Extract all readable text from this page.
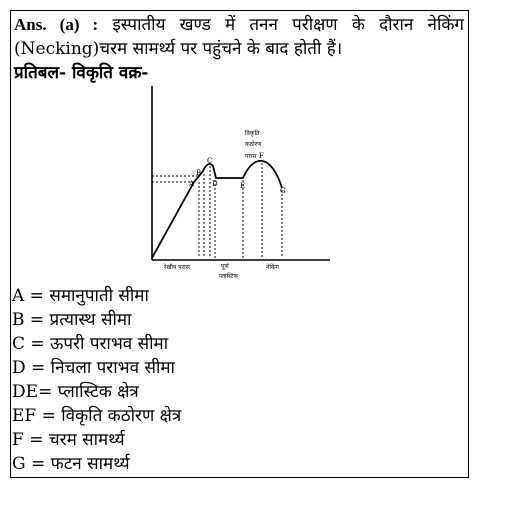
Ans. (a) : इस्पातीय खण्ड में तनन परीक्षण के दौरान नेकिंग (Necking)चरम सामर्थ्य पर पहुंचने के बाद होती हैं।
प्रतिबल- विकृति वक्र-
A
B
C
D	E
F
G
विकृति
कठोरण
परास
रेखीय परास	पूर्ण
प्लास्टिक
नेकिंग
A = समानुपाती सीमा
B = प्रत्यास्थ सीमा
C = ऊपरी पराभव सीमा
D = निचला पराभव सीमा
DE= प्लास्टिक क्षेत्र
EF = विकृति कठोरण क्षेत्र
F = चरम सामर्थ्य
G = फटन सामर्थ्य
